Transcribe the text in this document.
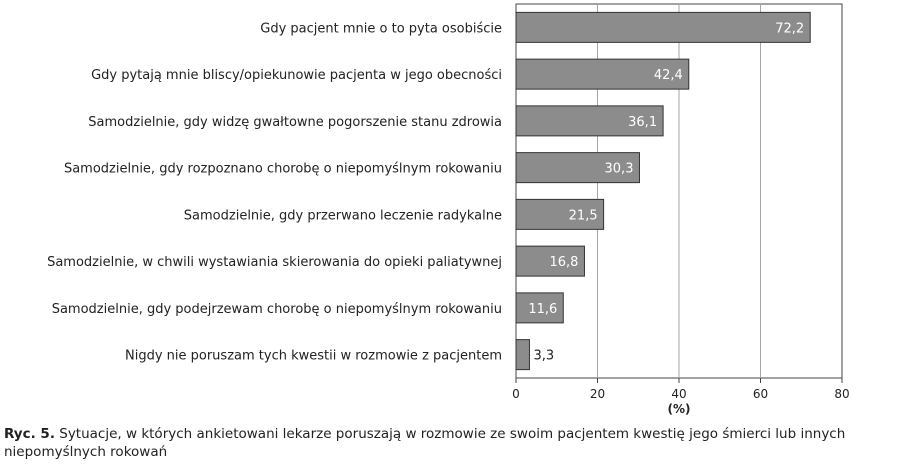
72,2
42,4
36,1
30,3
21,5
16,8
11,6
3,3
Gdy pacjent mnie o to pyta osobiście
Gdy pytają mnie bliscy/opiekunowie pacjenta w jego obecności
Samodzielnie, gdy widzę gwałtowne pogorszenie stanu zdrowia
Samodzielnie, gdy rozpoznano chorobę o niepomyślnym rokowaniu
Samodzielnie, gdy przerwano leczenie radykalne
Samodzielnie, w chwili wystawiania skierowania do opieki paliatywnej
Samodzielnie, gdy podejrzewam chorobę o niepomyślnym rokowaniu
Nigdy nie poruszam tych kwestii w rozmowie z pacjentem
0	20	40	60	80
(%)
Ryc. 5. Sytuacje, w których ankietowani lekarze poruszają w rozmowie ze swoim pacjentem kwestię jego śmierci lub innych niepomyślnych rokowań
